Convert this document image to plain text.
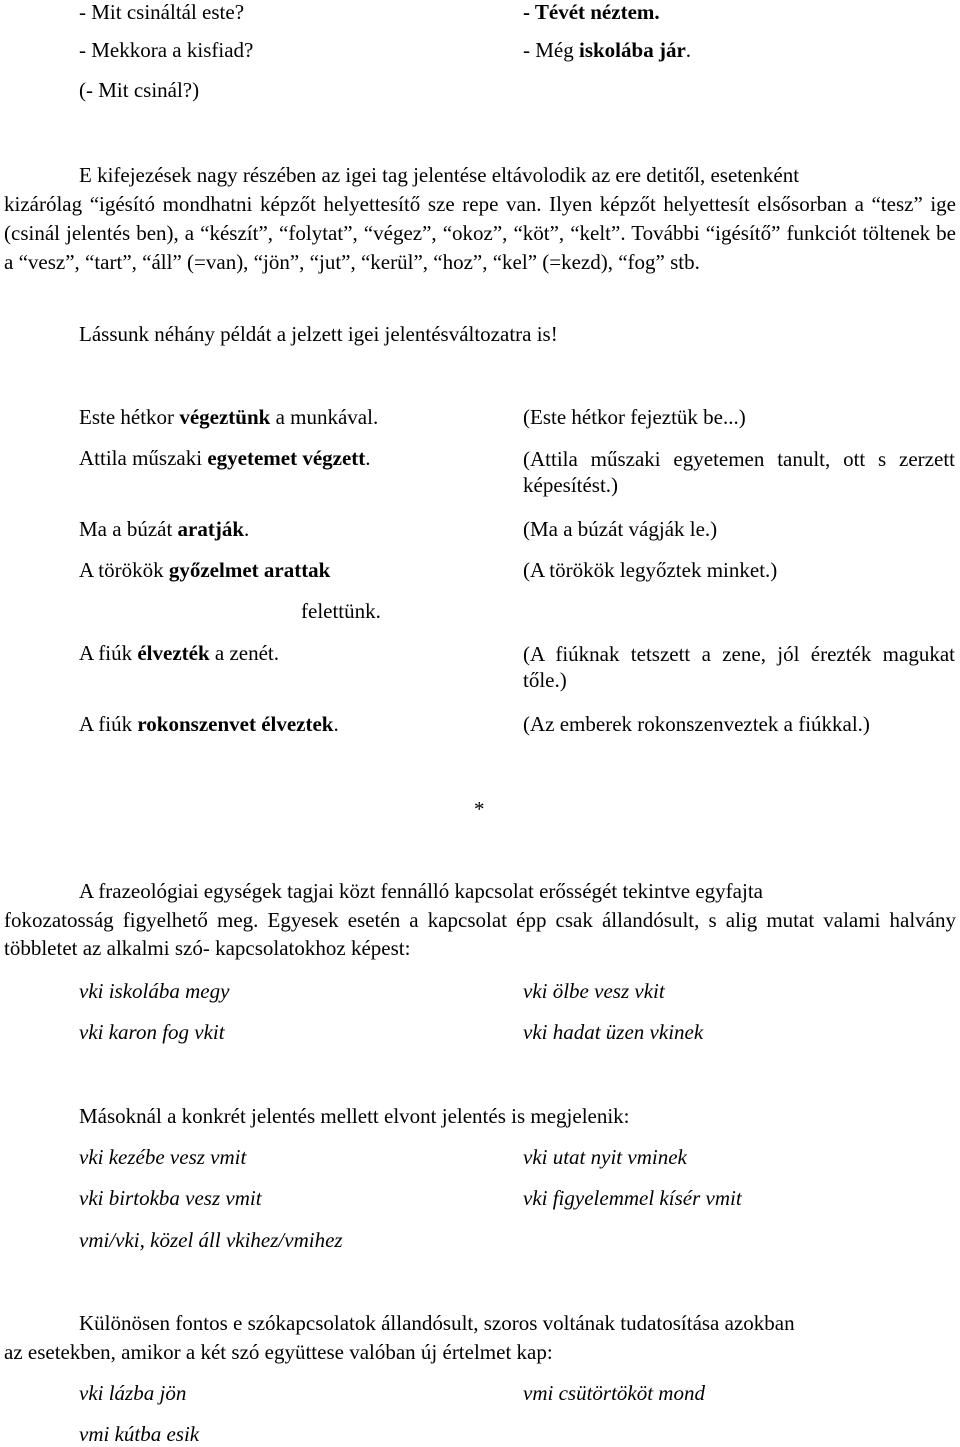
- Mit csináltál este?	- Tévét néztem.
- Mekkora a kisfiad?	- Még iskolába jár.
(- Mit csinál?)
E kifejezések nagy részében az igei tag jelentése eltávolodik az ere detitől, esetenként
kizárólag “igésító mondhatni képzőt helyettesítő sze repe van. Ilyen képzőt helyettesít elsősorban a “tesz” ige (csinál jelentés ben), a “készít”, “folytat”, “végez”, “okoz”, “köt”, “kelt”. További “igésítő” funkciót töltenek be a “vesz”, “tart”, “áll” (=van), “jön”, “jut”, “kerül”, “hoz”, “kel” (=kezd), “fog” stb.
Lássunk néhány példát a jelzett igei jelentésváltozatra is!
Este hétkor végeztünk a munkával.	(Este hétkor fejeztük be...)
Attila műszaki egyetemet végzett.	(Attila műszaki egyetemen tanult, ott s zerzett képesítést.)
Ma a búzát aratják.	(Ma a búzát vágják le.)
A törökök győzelmet arattak	(A törökök legyőztek minket.)
felettünk.
A fiúk élvezték a zenét.	(A fiúknak tetszett a zene, jól érezték magukat tőle.)
A fiúk rokonszenvet élveztek.	(Az emberek rokonszenveztek a fiúkkal.)
*
A frazeológiai egységek tagjai közt fennálló kapcsolat erősségét tekintve egyfajta
fokozatosság figyelhető meg. Egyesek esetén a kapcsolat épp csak állandósult, s alig mutat valami halvány többletet az alkalmi szó- kapcsolatokhoz képest:
vki iskolába megy	vki ölbe vesz vkit
vki karon fog vkit	vki hadat üzen vkinek
Másoknál a konkrét jelentés mellett elvont jelentés is megjelenik:
vki kezébe vesz vmit	vki utat nyit vminek
vki birtokba vesz vmit	vki figyelemmel kísér vmit
vmi/vki, közel áll vkihez/vmihez
Különösen fontos e szókapcsolatok állandósult, szoros voltának tudatosítása azokban
az esetekben, amikor a két szó együttese valóban új értelmet kap:
vki lázba jön	vmi csütörtököt mond
vmi kútba esik
